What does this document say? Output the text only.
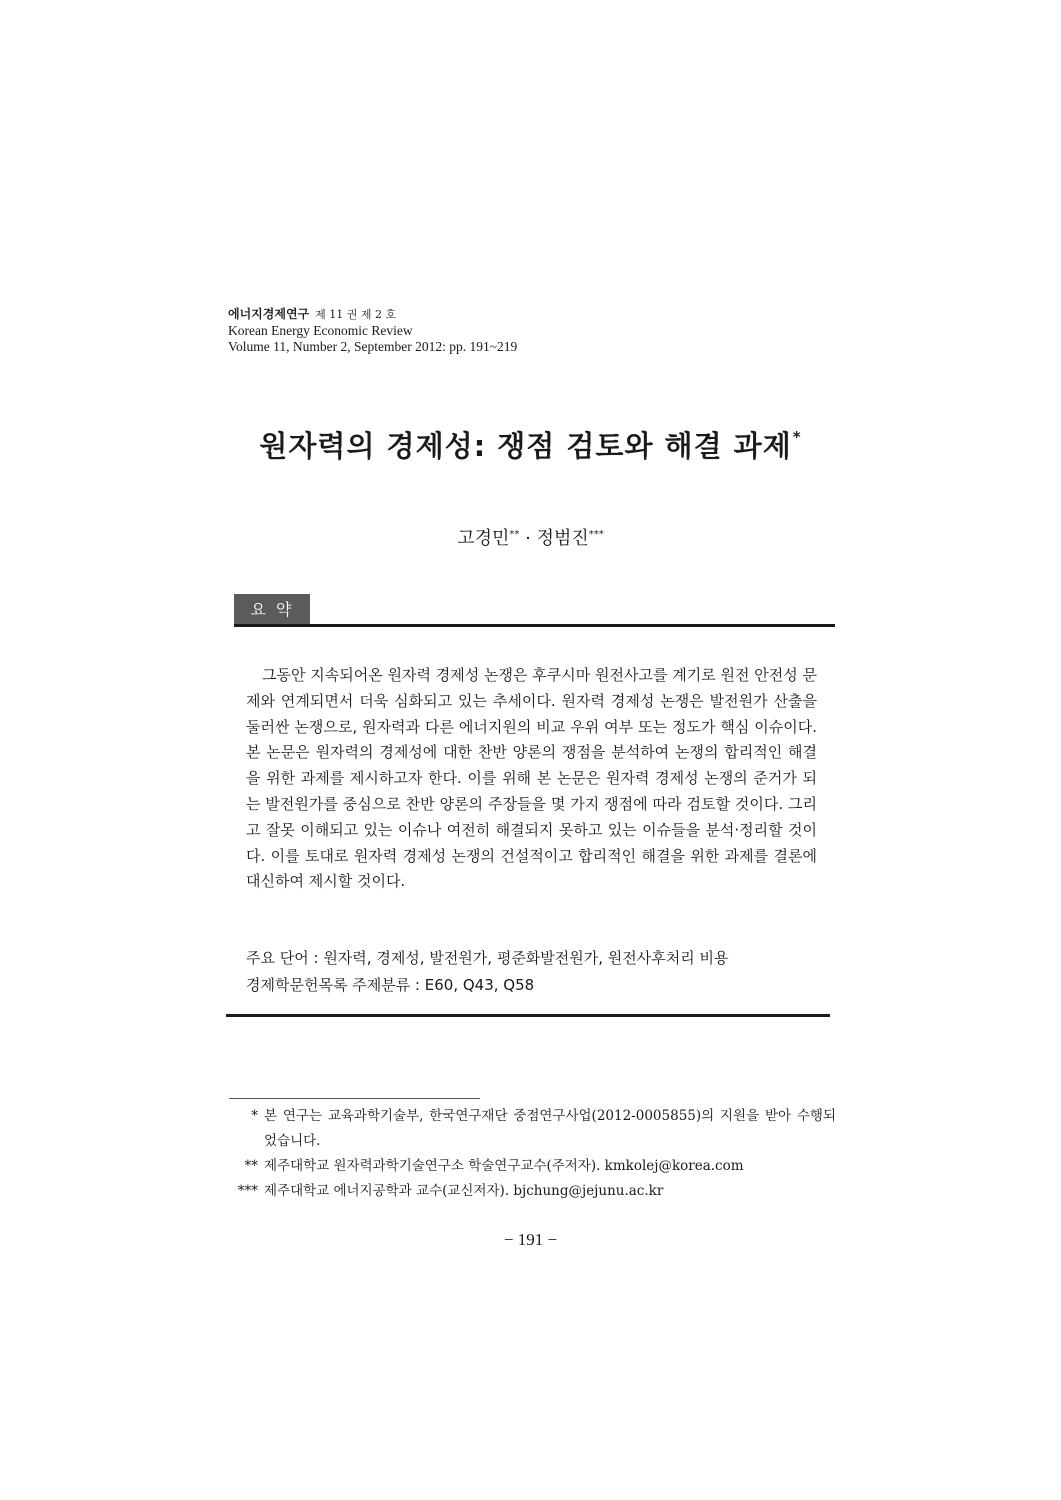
에너지경제연구 제 11 권 제 2 호
Korean Energy Economic Review
Volume 11, Number 2, September 2012: pp. 191~219
원자력의 경제성: 쟁점 검토와 해결 과제*
고경민** · 정범진***
요약
그동안 지속되어온 원자력 경제성 논쟁은 후쿠시마 원전사고를 계기로 원전 안전성 문제와 연계되면서 더욱 심화되고 있는 추세이다. 원자력 경제성 논쟁은 발전원가 산출을 둘러싼 논쟁으로, 원자력과 다른 에너지원의 비교 우위 여부 또는 정도가 핵심 이슈이다. 본 논문은 원자력의 경제성에 대한 찬반 양론의 쟁점을 분석하여 논쟁의 합리적인 해결을 위한 과제를 제시하고자 한다. 이를 위해 본 논문은 원자력 경제성 논쟁의 준거가 되는 발전원가를 중심으로 찬반 양론의 주장들을 몇 가지 쟁점에 따라 검토할 것이다. 그리고 잘못 이해되고 있는 이슈나 여전히 해결되지 못하고 있는 이슈들을 분석·정리할 것이다. 이를 토대로 원자력 경제성 논쟁의 건설적이고 합리적인 해결을 위한 과제를 결론에 대신하여 제시할 것이다.
주요 단어 : 원자력, 경제성, 발전원가, 평준화발전원가, 원전사후처리 비용
경제학문헌목록 주제분류 : E60, Q43, Q58
* 본 연구는 교육과학기술부, 한국연구재단 중점연구사업(2012-0005855)의 지원을 받아 수행되었습니다.
** 제주대학교 원자력과학기술연구소 학술연구교수(주저자). kmkolej@korea.com
*** 제주대학교 에너지공학과 교수(교신저자). bjchung@jejunu.ac.kr
− 191 −
